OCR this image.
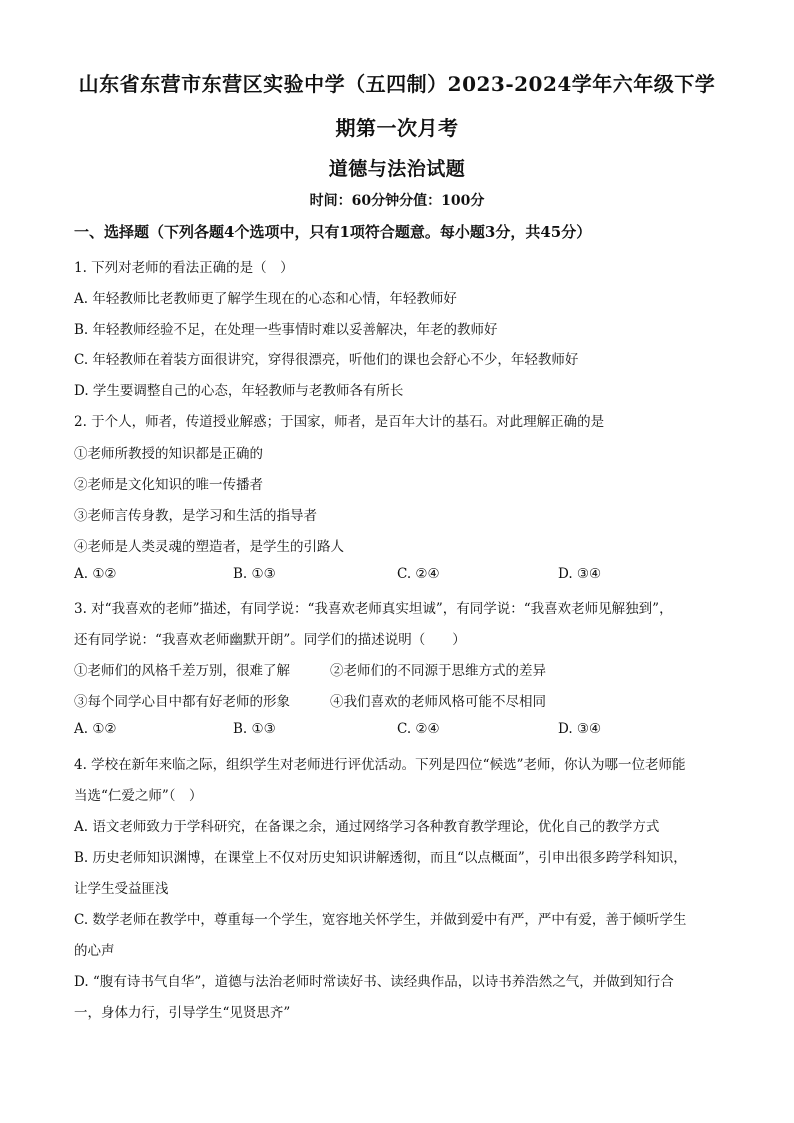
山东省东营市东营区实验中学（五四制）2023-2024学年六年级下学
期第一次月考
道德与法治试题
时间：60分钟分值：100分
一、选择题（下列各题4个选项中，只有1项符合题意。每小题3分，共45分）
1. 下列对老师的看法正确的是（　）
A. 年轻教师比老教师更了解学生现在的心态和心情，年轻教师好
B. 年轻教师经验不足，在处理一些事情时难以妥善解决，年老的教师好
C. 年轻教师在着装方面很讲究，穿得很漂亮，听他们的课也会舒心不少，年轻教师好
D. 学生要调整自己的心态，年轻教师与老教师各有所长
2. 于个人，师者，传道授业解惑；于国家，师者，是百年大计的基石。对此理解正确的是
①老师所教授的知识都是正确的
②老师是文化知识的唯一传播者
③老师言传身教，是学习和生活的指导者
④老师是人类灵魂的塑造者，是学生的引路人
A. ①②	B. ①③	C. ②④	D. ③④
3. 对“我喜欢的老师”描述，有同学说：“我喜欢老师真实坦诚”，有同学说：“我喜欢老师见解独到”，
还有同学说：“我喜欢老师幽默开朗”。同学们的描述说明（　　）
①老师们的风格千差万别，很难了解	②老师们的不同源于思维方式的差异
③每个同学心目中都有好老师的形象	④我们喜欢的老师风格可能不尽相同
A. ①②	B. ①③	C. ②④	D. ③④
4. 学校在新年来临之际，组织学生对老师进行评优活动。下列是四位“候选”老师，你认为哪一位老师能
当选“仁爱之师”（　）
A. 语文老师致力于学科研究，在备课之余，通过网络学习各种教育教学理论，优化自己的教学方式
B. 历史老师知识渊博，在课堂上不仅对历史知识讲解透彻，而且“以点概面”，引申出很多跨学科知识，
让学生受益匪浅
C. 数学老师在教学中，尊重每一个学生，宽容地关怀学生，并做到爱中有严，严中有爱，善于倾听学生
的心声
D. “腹有诗书气自华”，道德与法治老师时常读好书、读经典作品，以诗书养浩然之气，并做到知行合
一，身体力行，引导学生“见贤思齐”
